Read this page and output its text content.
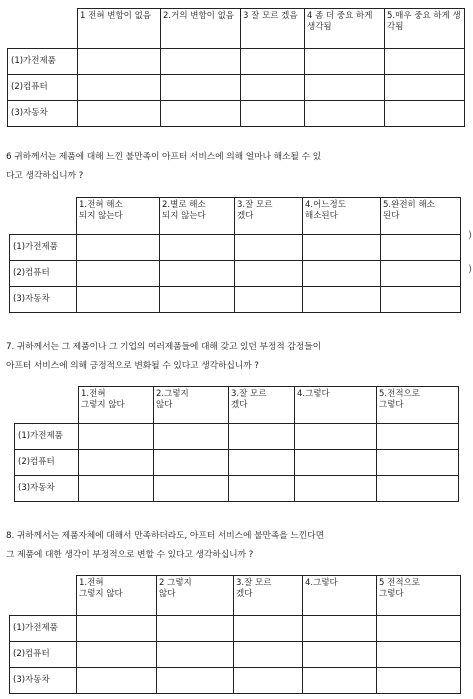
	1 전혀 변함이 없음	2.거의 변함이 없음	3 잘 모르 겠음	4 좀 더 중요 하게 생각됨	5.매우 중요 하게 생각됨
(1)가전제품					
(2)컴퓨터					
(3)자동차					
6 귀하께서는 제품에 대해 느낀 불만족이 아프터 서비스에 의해 얼마나 해소될 수 있
다고 생각하십니까 ?
	1.전혀 해소
되지 않는다	2.별로 해소
되지 않는다	3.잘 모르
겠다	4.어느정도
해소된다	5.완전히 해소
된다
(1)가전제품					
(2)컴퓨터					
(3)자동차					
)
)
7. 귀하께서는 그 제품이나 그 기업의 여러제품들에 대해 갖고 있던 부정적 감정들이
아프터 서비스에 의해 긍정적으로 변화될 수 있다고 생각하십니까 ?
	1.전혀
그렇지 않다	2.그렇지
않다	3.잘 모르
겠다	4.그렇다	5.전적으로
그렇다
(1)가전제품					
(2)컴퓨터					
(3)자동차					
8. 귀하께서는 제품자체에 대해서 만족하더라도, 아프터 서비스에 불만족을 느낀다면
그 제품에 대한 생각이 부정적으로 변할 수 있다고 생각하십니까 ?
	1.전혀
그렇지 않다	2 그렇지
않다	3.잘 모르
겠다	4.그렇다	5 전적으로
그렇다
(1)가전제품					
(2)컴퓨터					
(3)자동차					
